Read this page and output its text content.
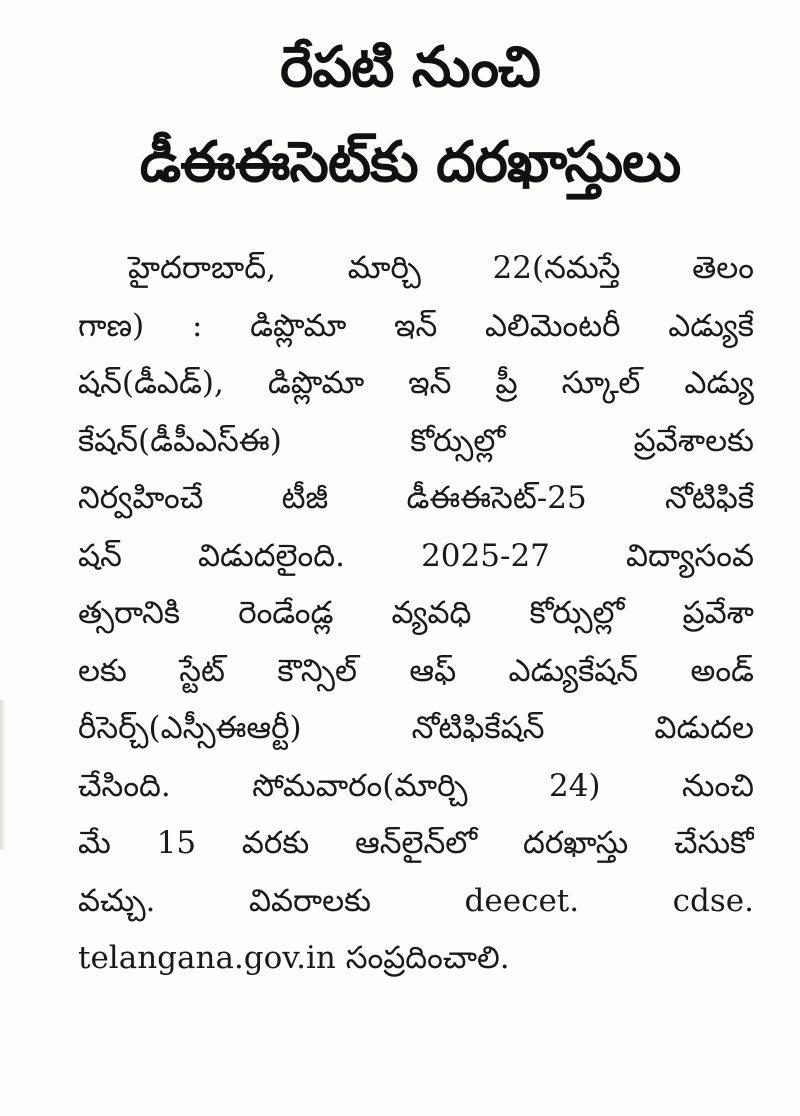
రేపటి నుంచి
డీఈఈసెట్‌కు దరఖాస్తులు
హైదరాబాద్, మార్చి 22(నమస్తే తెలం
గాణ) : డిప్లొమా ఇన్ ఎలిమెంటరీ ఎడ్యుకే
షన్(డీఎడ్), డిప్లొమా ఇన్ ప్రీ స్కూల్ ఎడ్యు
కేషన్(డీపీఎస్ఈ) కోర్సుల్లో ప్రవేశాలకు
నిర్వహించే టీజీ డీఈఈసెట్-25 నోటిఫికే
షన్ విడుదలైంది. 2025-27 విద్యాసంవ
త్సరానికి రెండేండ్ల వ్యవధి కోర్సుల్లో ప్రవేశా
లకు స్టేట్ కౌన్సిల్ ఆఫ్ ఎడ్యుకేషన్ అండ్
రీసెర్చ్(ఎస్సీఈఆర్టీ) నోటిఫికేషన్ విడుదల
చేసింది. సోమవారం(మార్చి 24) నుంచి
మే 15 వరకు ఆన్‌లైన్‌లో దరఖాస్తు చేసుకో
వచ్చు. వివరాలకు deecet. cdse.
telangana.gov.in సంప్రదించాలి.
